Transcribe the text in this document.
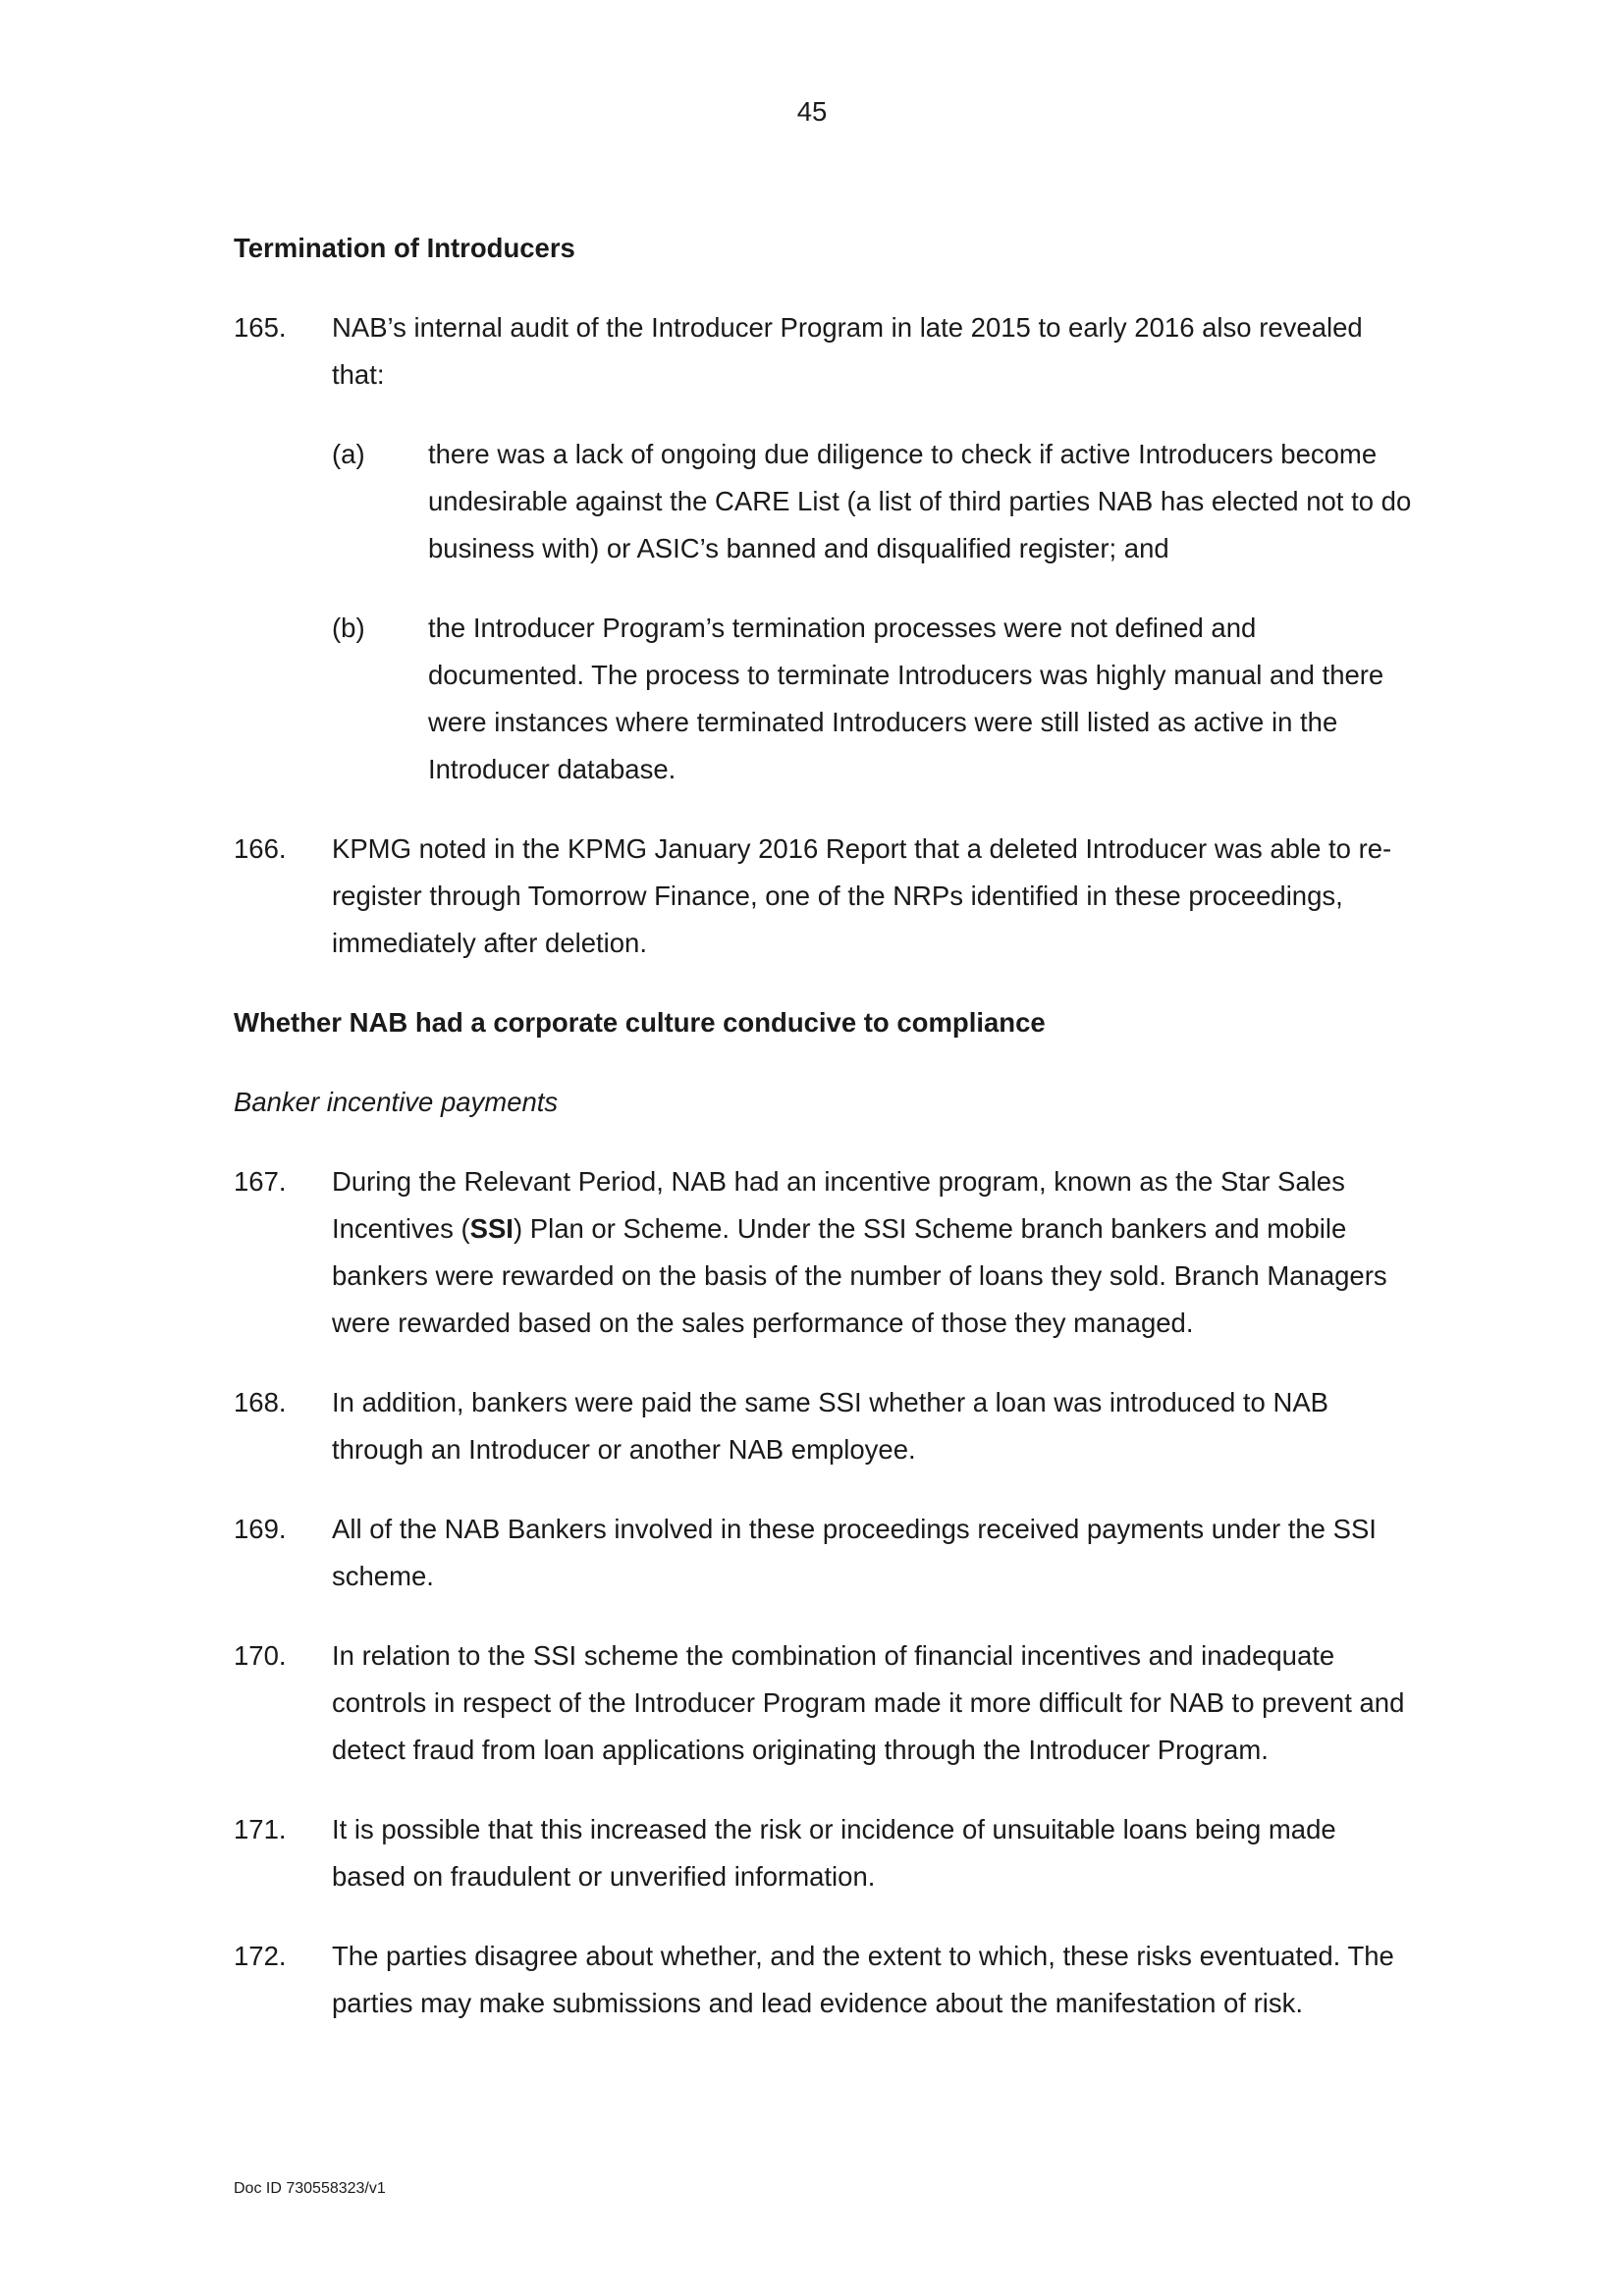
45
Termination of Introducers
165.	NAB’s internal audit of the Introducer Program in late 2015 to early 2016 also revealed that:

(a)	there was a lack of ongoing due diligence to check if active Introducers become undesirable against the CARE List (a list of third parties NAB has elected not to do business with) or ASIC’s banned and disqualified register; and
(b)	the Introducer Program’s termination processes were not defined and documented. The process to terminate Introducers was highly manual and there were instances where terminated Introducers were still listed as active in the Introducer database.
166.	KPMG noted in the KPMG January 2016 Report that a deleted Introducer was able to re-register through Tomorrow Finance, one of the NRPs identified in these proceedings, immediately after deletion.

Whether NAB had a corporate culture conducive to compliance
Banker incentive payments
167.	During the Relevant Period, NAB had an incentive program, known as the Star Sales Incentives (SSI) Plan or Scheme. Under the SSI Scheme branch bankers and mobile bankers were rewarded on the basis of the number of loans they sold. Branch Managers were rewarded based on the sales performance of those they managed.

168.	In addition, bankers were paid the same SSI whether a loan was introduced to NAB through an Introducer or another NAB employee.

169.	All of the NAB Bankers involved in these proceedings received payments under the SSI scheme.

170.	In relation to the SSI scheme the combination of financial incentives and inadequate controls in respect of the Introducer Program made it more difficult for NAB to prevent and detect fraud from loan applications originating through the Introducer Program.

171.	It is possible that this increased the risk or incidence of unsuitable loans being made based on fraudulent or unverified information.

172.	The parties disagree about whether, and the extent to which, these risks eventuated. The parties may make submissions and lead evidence about the manifestation of risk.

Doc ID 730558323/v1
